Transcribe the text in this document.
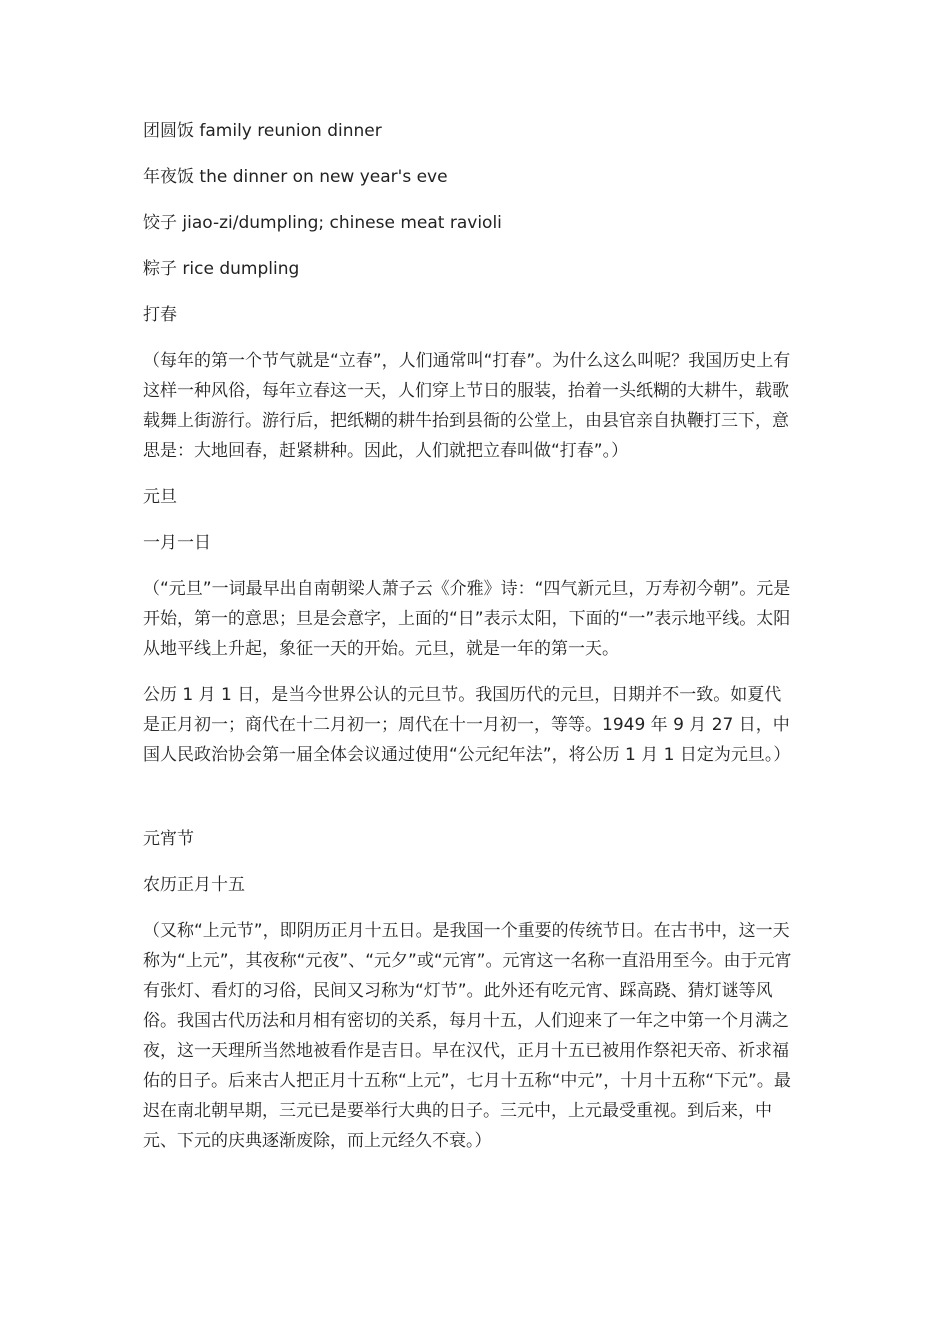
团圆饭 family reunion dinner

年夜饭 the dinner on new year's eve

饺子 jiao-zi/dumpling; chinese meat ravioli

粽子 rice dumpling

打春

（每年的第一个节气就是“立春”，人们通常叫“打春”。为什么这么叫呢？我国历史上有这样一种风俗，每年立春这一天，人们穿上节日的服装，抬着一头纸糊的大耕牛，载歌载舞上街游行。游行后，把纸糊的耕牛抬到县衙的公堂上，由县官亲自执鞭打三下，意思是：大地回春，赶紧耕种。因此，人们就把立春叫做“打春”。）

元旦

一月一日

（“元旦”一词最早出自南朝梁人萧子云《介雅》诗：“四气新元旦，万寿初今朝”。元是开始，第一的意思；旦是会意字，上面的“日”表示太阳，下面的“一”表示地平线。太阳从地平线上升起，象征一天的开始。元旦，就是一年的第一天。

公历 1 月 1 日，是当今世界公认的元旦节。我国历代的元旦，日期并不一致。如夏代是正月初一；商代在十二月初一；周代在十一月初一，等等。1949 年 9 月 27 日，中国人民政治协会第一届全体会议通过使用“公元纪年法”，将公历 1 月 1 日定为元旦。）

元宵节

农历正月十五

（又称“上元节”，即阴历正月十五日。是我国一个重要的传统节日。在古书中，这一天称为“上元”，其夜称“元夜”、“元夕”或“元宵”。元宵这一名称一直沿用至今。由于元宵有张灯、看灯的习俗，民间又习称为“灯节”。此外还有吃元宵、踩高跷、猜灯谜等风俗。我国古代历法和月相有密切的关系，每月十五，人们迎来了一年之中第一个月满之夜，这一天理所当然地被看作是吉日。早在汉代，正月十五已被用作祭祀天帝、祈求福佑的日子。后来古人把正月十五称“上元”，七月十五称“中元”，十月十五称“下元”。最迟在南北朝早期，三元已是要举行大典的日子。三元中，上元最受重视。到后来，中元、下元的庆典逐渐废除，而上元经久不衰。）
